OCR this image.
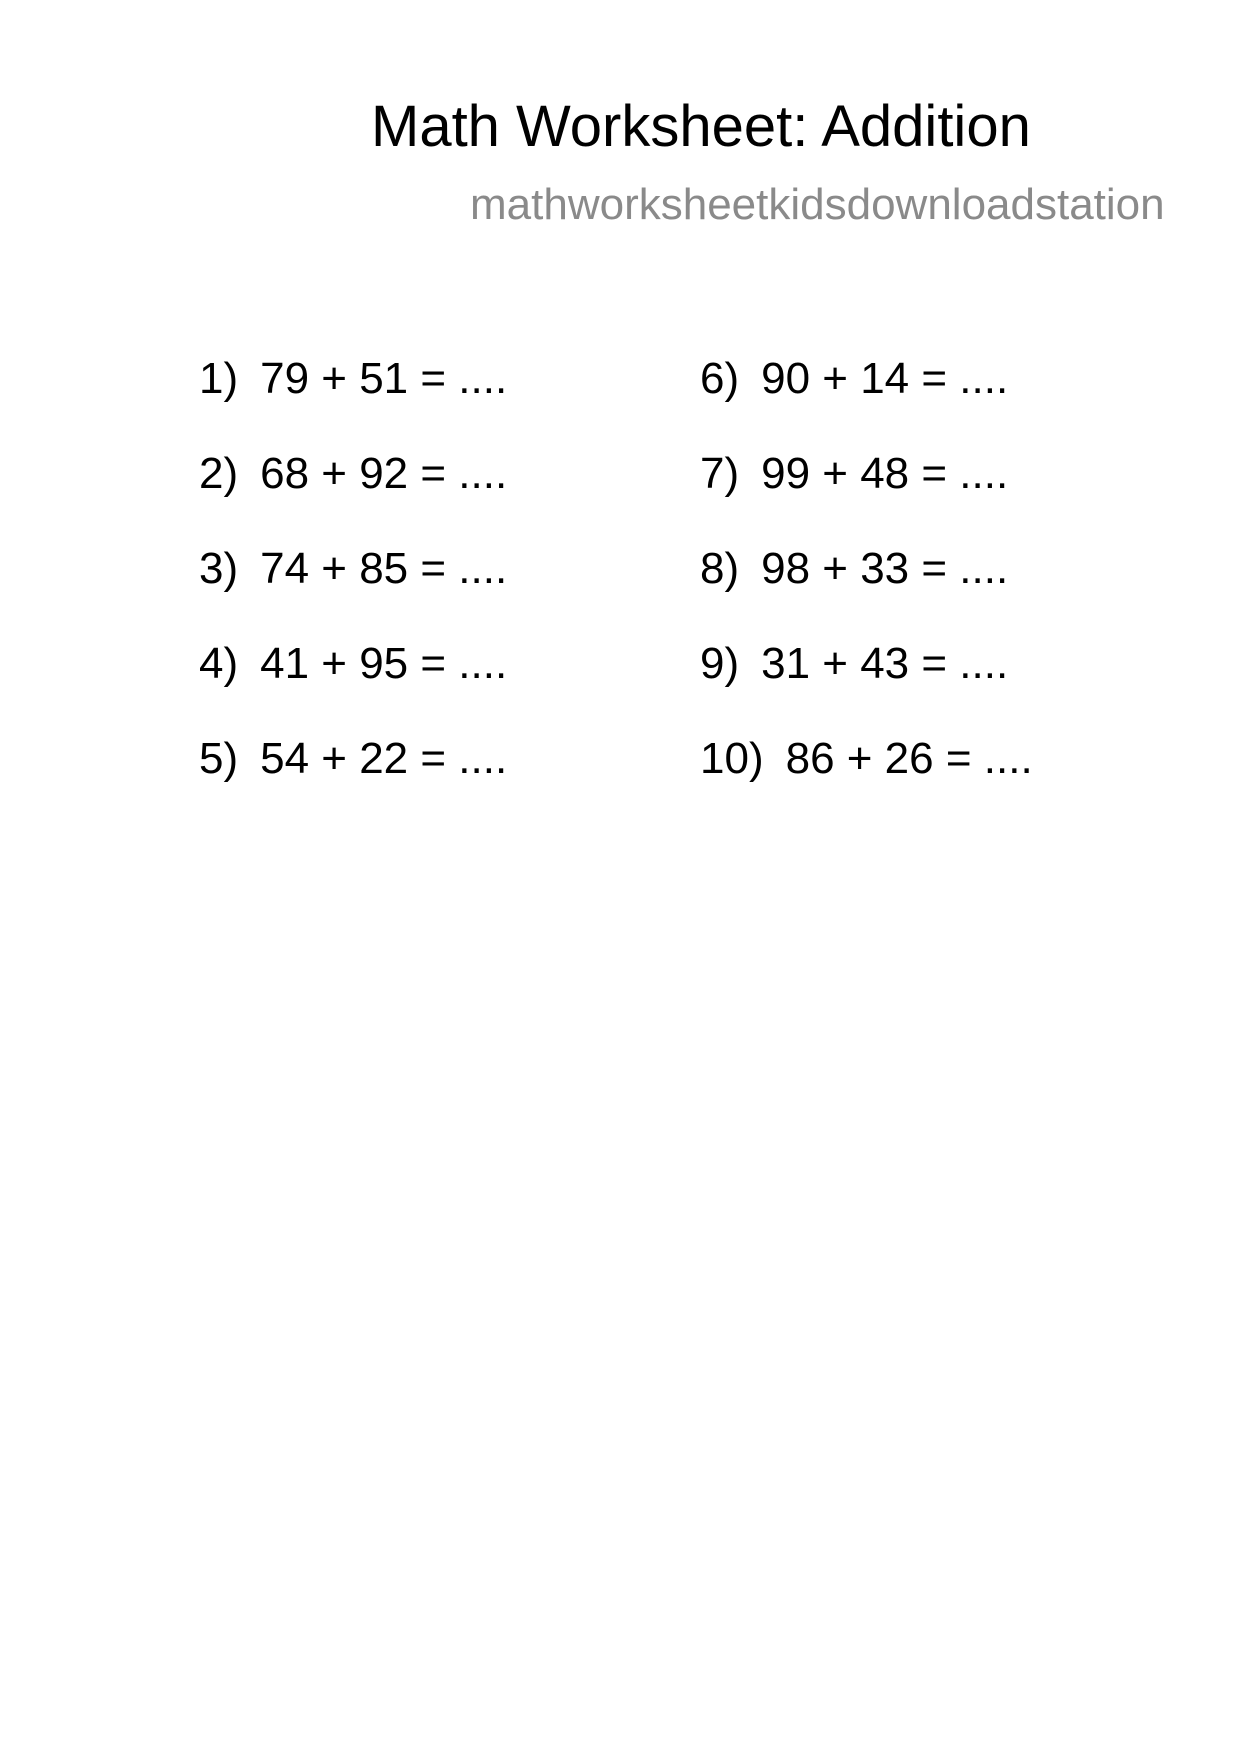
Math Worksheet: Addition
mathworksheetkidsdownloadstation
1) 79 + 51 = ....
2) 68 + 92 = ....
3) 74 + 85 = ....
4) 41 + 95 = ....
5) 54 + 22 = ....
6) 90 + 14 = ....
7) 99 + 48 = ....
8) 98 + 33 = ....
9) 31 + 43 = ....
10) 86 + 26 = ....
